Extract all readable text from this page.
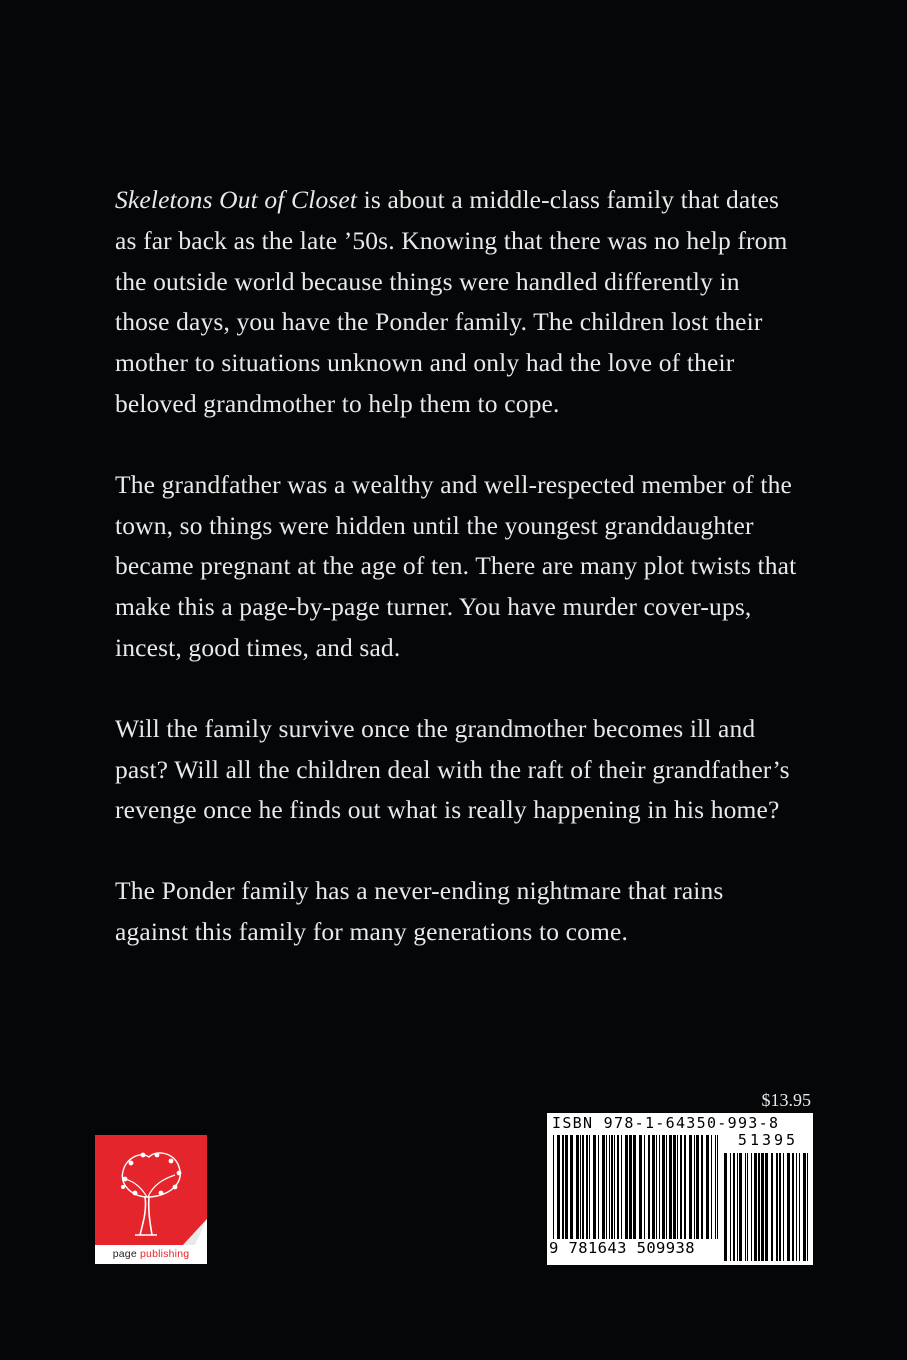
Skeletons Out of Closet is about a middle-class family that dates as far back as the late ’50s. Knowing that there was no help from the outside world because things were handled differently in those days, you have the Ponder family. The children lost their mother to situations unknown and only had the love of their beloved grandmother to help them to cope.

The grandfather was a wealthy and well-respected member of the town, so things were hidden until the youngest granddaughter became pregnant at the age of ten. There are many plot twists that make this a page-by-page turner. You have murder cover-ups, incest, good times, and sad.

Will the family survive once the grandmother becomes ill and past? Will all the children deal with the raft of their grandfather’s revenge once he finds out what is really happening in his home?

The Ponder family has a never-ending nightmare that rains against this family for many generations to come.

page publishing
$13.95
ISBN 978-1-64350-993-8
51395
9 781643 509938
